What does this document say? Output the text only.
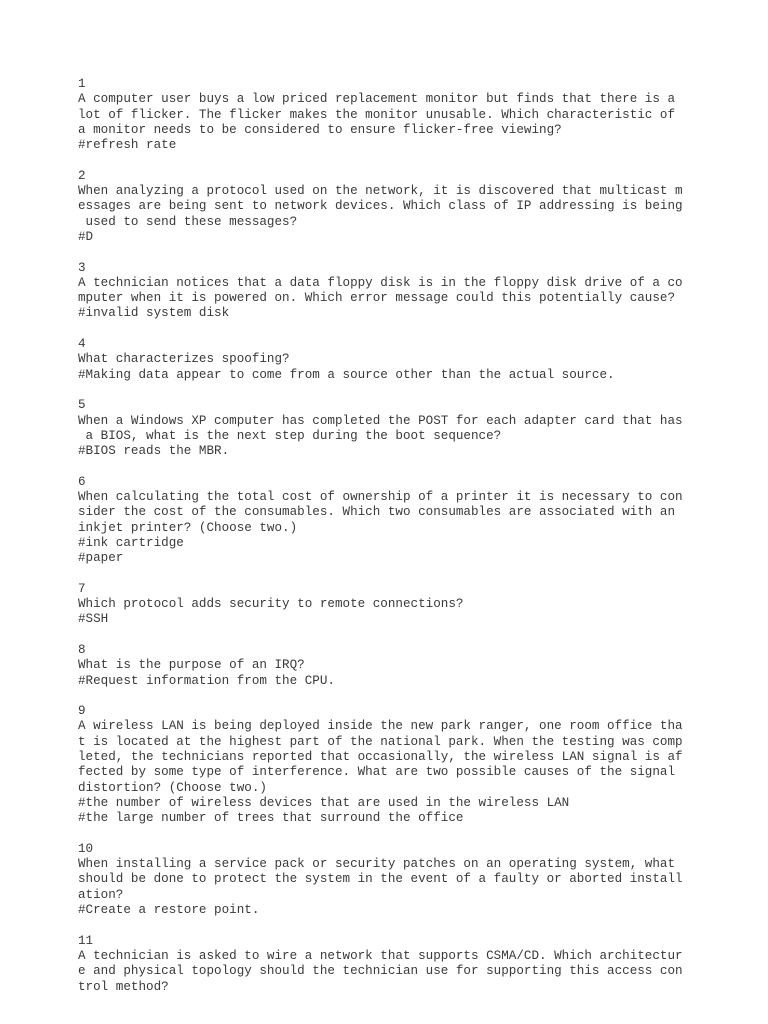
1
A computer user buys a low priced replacement monitor but finds that there is a
lot of flicker. The flicker makes the monitor unusable. Which characteristic of
a monitor needs to be considered to ensure flicker-free viewing?
#refresh rate
2
When analyzing a protocol used on the network, it is discovered that multicast m
essages are being sent to network devices. Which class of IP addressing is being
used to send these messages?
#D
3
A technician notices that a data floppy disk is in the floppy disk drive of a co
mputer when it is powered on. Which error message could this potentially cause?
#invalid system disk
4
What characterizes spoofing?
#Making data appear to come from a source other than the actual source.
5
When a Windows XP computer has completed the POST for each adapter card that has
a BIOS, what is the next step during the boot sequence?
#BIOS reads the MBR.
6
When calculating the total cost of ownership of a printer it is necessary to con
sider the cost of the consumables. Which two consumables are associated with an
inkjet printer? (Choose two.)
#ink cartridge
#paper
7
Which protocol adds security to remote connections?
#SSH
8
What is the purpose of an IRQ?
#Request information from the CPU.
9
A wireless LAN is being deployed inside the new park ranger, one room office tha
t is located at the highest part of the national park. When the testing was comp
leted, the technicians reported that occasionally, the wireless LAN signal is af
fected by some type of interference. What are two possible causes of the signal
distortion? (Choose two.)
#the number of wireless devices that are used in the wireless LAN
#the large number of trees that surround the office
10
When installing a service pack or security patches on an operating system, what
should be done to protect the system in the event of a faulty or aborted install
ation?
#Create a restore point.
11
A technician is asked to wire a network that supports CSMA/CD. Which architectur
e and physical topology should the technician use for supporting this access con
trol method?
